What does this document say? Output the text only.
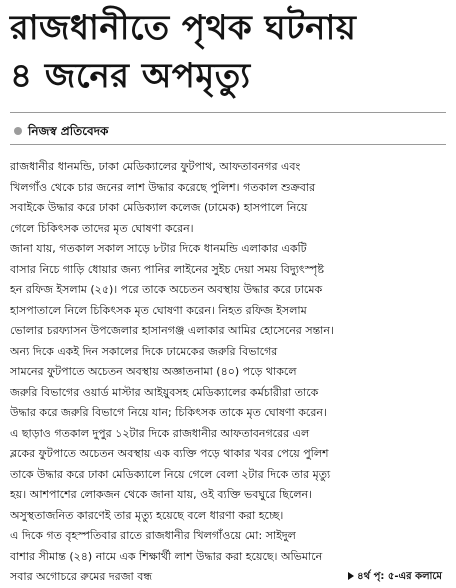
রাজধানীতে পৃথক ঘটনায়
৪ জনের অপমৃত্যু
নিজস্ব প্রতিবেদক
রাজধানীর ধানমন্ডি, ঢাকা মেডিক্যালের ফুটপাথ, আফতাবনগর এবং
খিলগাঁও থেকে চার জনের লাশ উদ্ধার করেছে পুলিশ। গতকাল শুক্রবার
সবাইকে উদ্ধার করে ঢাকা মেডিক্যাল কলেজ (ঢামেক) হাসপালে নিয়ে
গেলে চিকিৎসক তাদের মৃত ঘোষণা করেন।
জানা যায়, গতকাল সকাল সাড়ে ৮টার দিকে ধানমন্ডি এলাকার একটি
বাসার নিচে গাড়ি ধোয়ার জন্য পানির লাইনের সুইচ দেয়া সময় বিদ্যুৎস্পৃষ্ট
হন রফিজ ইসলাম (২৫)। পরে তাকে অচেতন অবস্থায় উদ্ধার করে ঢামেক
হাসপাতালে নিলে চিকিৎসক মৃত ঘোষণা করেন। নিহত রফিজ ইসলাম
ভোলার চরফ্যাসন উপজেলার হাসানগঞ্জ এলাকার আমির হোসেনের সন্তান।
অন্য দিকে একই দিন সকালের দিকে ঢামেকের জরুরি বিভাগের
সামনের ফুটপাতে অচেতন অবস্থায় অজ্ঞাতনামা (৪০) পড়ে থাকলে
জরুরি বিভাগের ওয়ার্ড মাস্টার আইয়ুবসহ মেডিক্যালের কর্মচারীরা তাকে
উদ্ধার করে জরুরি বিভাগে নিয়ে যান; চিকিৎসক তাকে মৃত ঘোষণা করেন।
এ ছাড়াও গতকাল দুপুর ১২টার দিকে রাজধানীর আফতাবনগরের এল
ব্লকের ফুটপাতে অচেতন অবস্থায় এক ব্যক্তি পড়ে থাকার খবর পেয়ে পুলিশ
তাকে উদ্ধার করে ঢাকা মেডিক্যালে নিয়ে গেলে বেলা ২টার দিকে তার মৃত্যু
হয়। আশপাশের লোকজন থেকে জানা যায়, ওই ব্যক্তি ভবঘুরে ছিলেন।
অসুস্থতাজনিত কারণেই তার মৃত্যু হয়েছে বলে ধারণা করা হচ্ছে।
এ দিকে গত বৃহস্পতিবার রাতে রাজধানীর খিলগাঁওয়ে মো: সাইদুল
বাশার সীমান্ত (২৪) নামে এক শিক্ষার্থী লাশ উদ্ধার করা হয়েছে। অভিমানে
সবার অগোচরে রুমের দরজা বন্ধ	৪র্থ পৃ: ৫-এর কলামে
